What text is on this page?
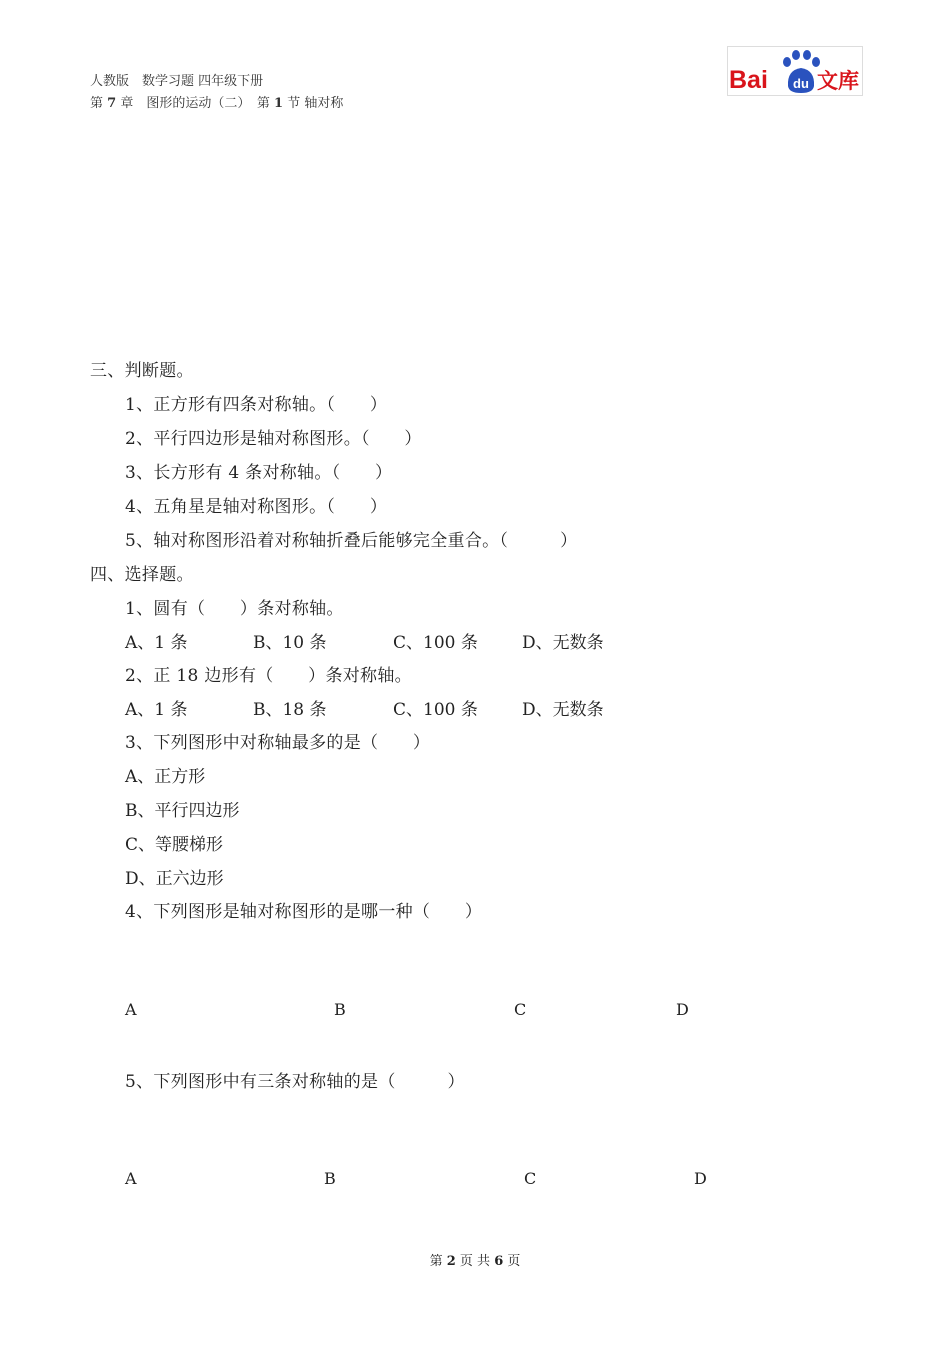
人教版　数学习题 四年级下册
第 7 章　图形的运动（二）　第 1 节 轴对称
du
Bai 文库
三、判断题。
1、正方形有四条对称轴。（　　）
2、平行四边形是轴对称图形。（　　）
3、长方形有 4 条对称轴。（　　）
4、五角星是轴对称图形。（　　）
5、轴对称图形沿着对称轴折叠后能够完全重合。（　　　）
四、选择题。
1、圆有（　　）条对称轴。
A、1 条	B、10 条	C、100 条	D、无数条
2、正 18 边形有（　　）条对称轴。
A、1 条	B、18 条	C、100 条	D、无数条
3、下列图形中对称轴最多的是（　　）
A、正方形
B、平行四边形
C、等腰梯形
D、正六边形
4、下列图形是轴对称图形的是哪一种（　　）
A	B	C	D
5、下列图形中有三条对称轴的是（　　　）
A	B	C	D
第 2 页 共 6 页
